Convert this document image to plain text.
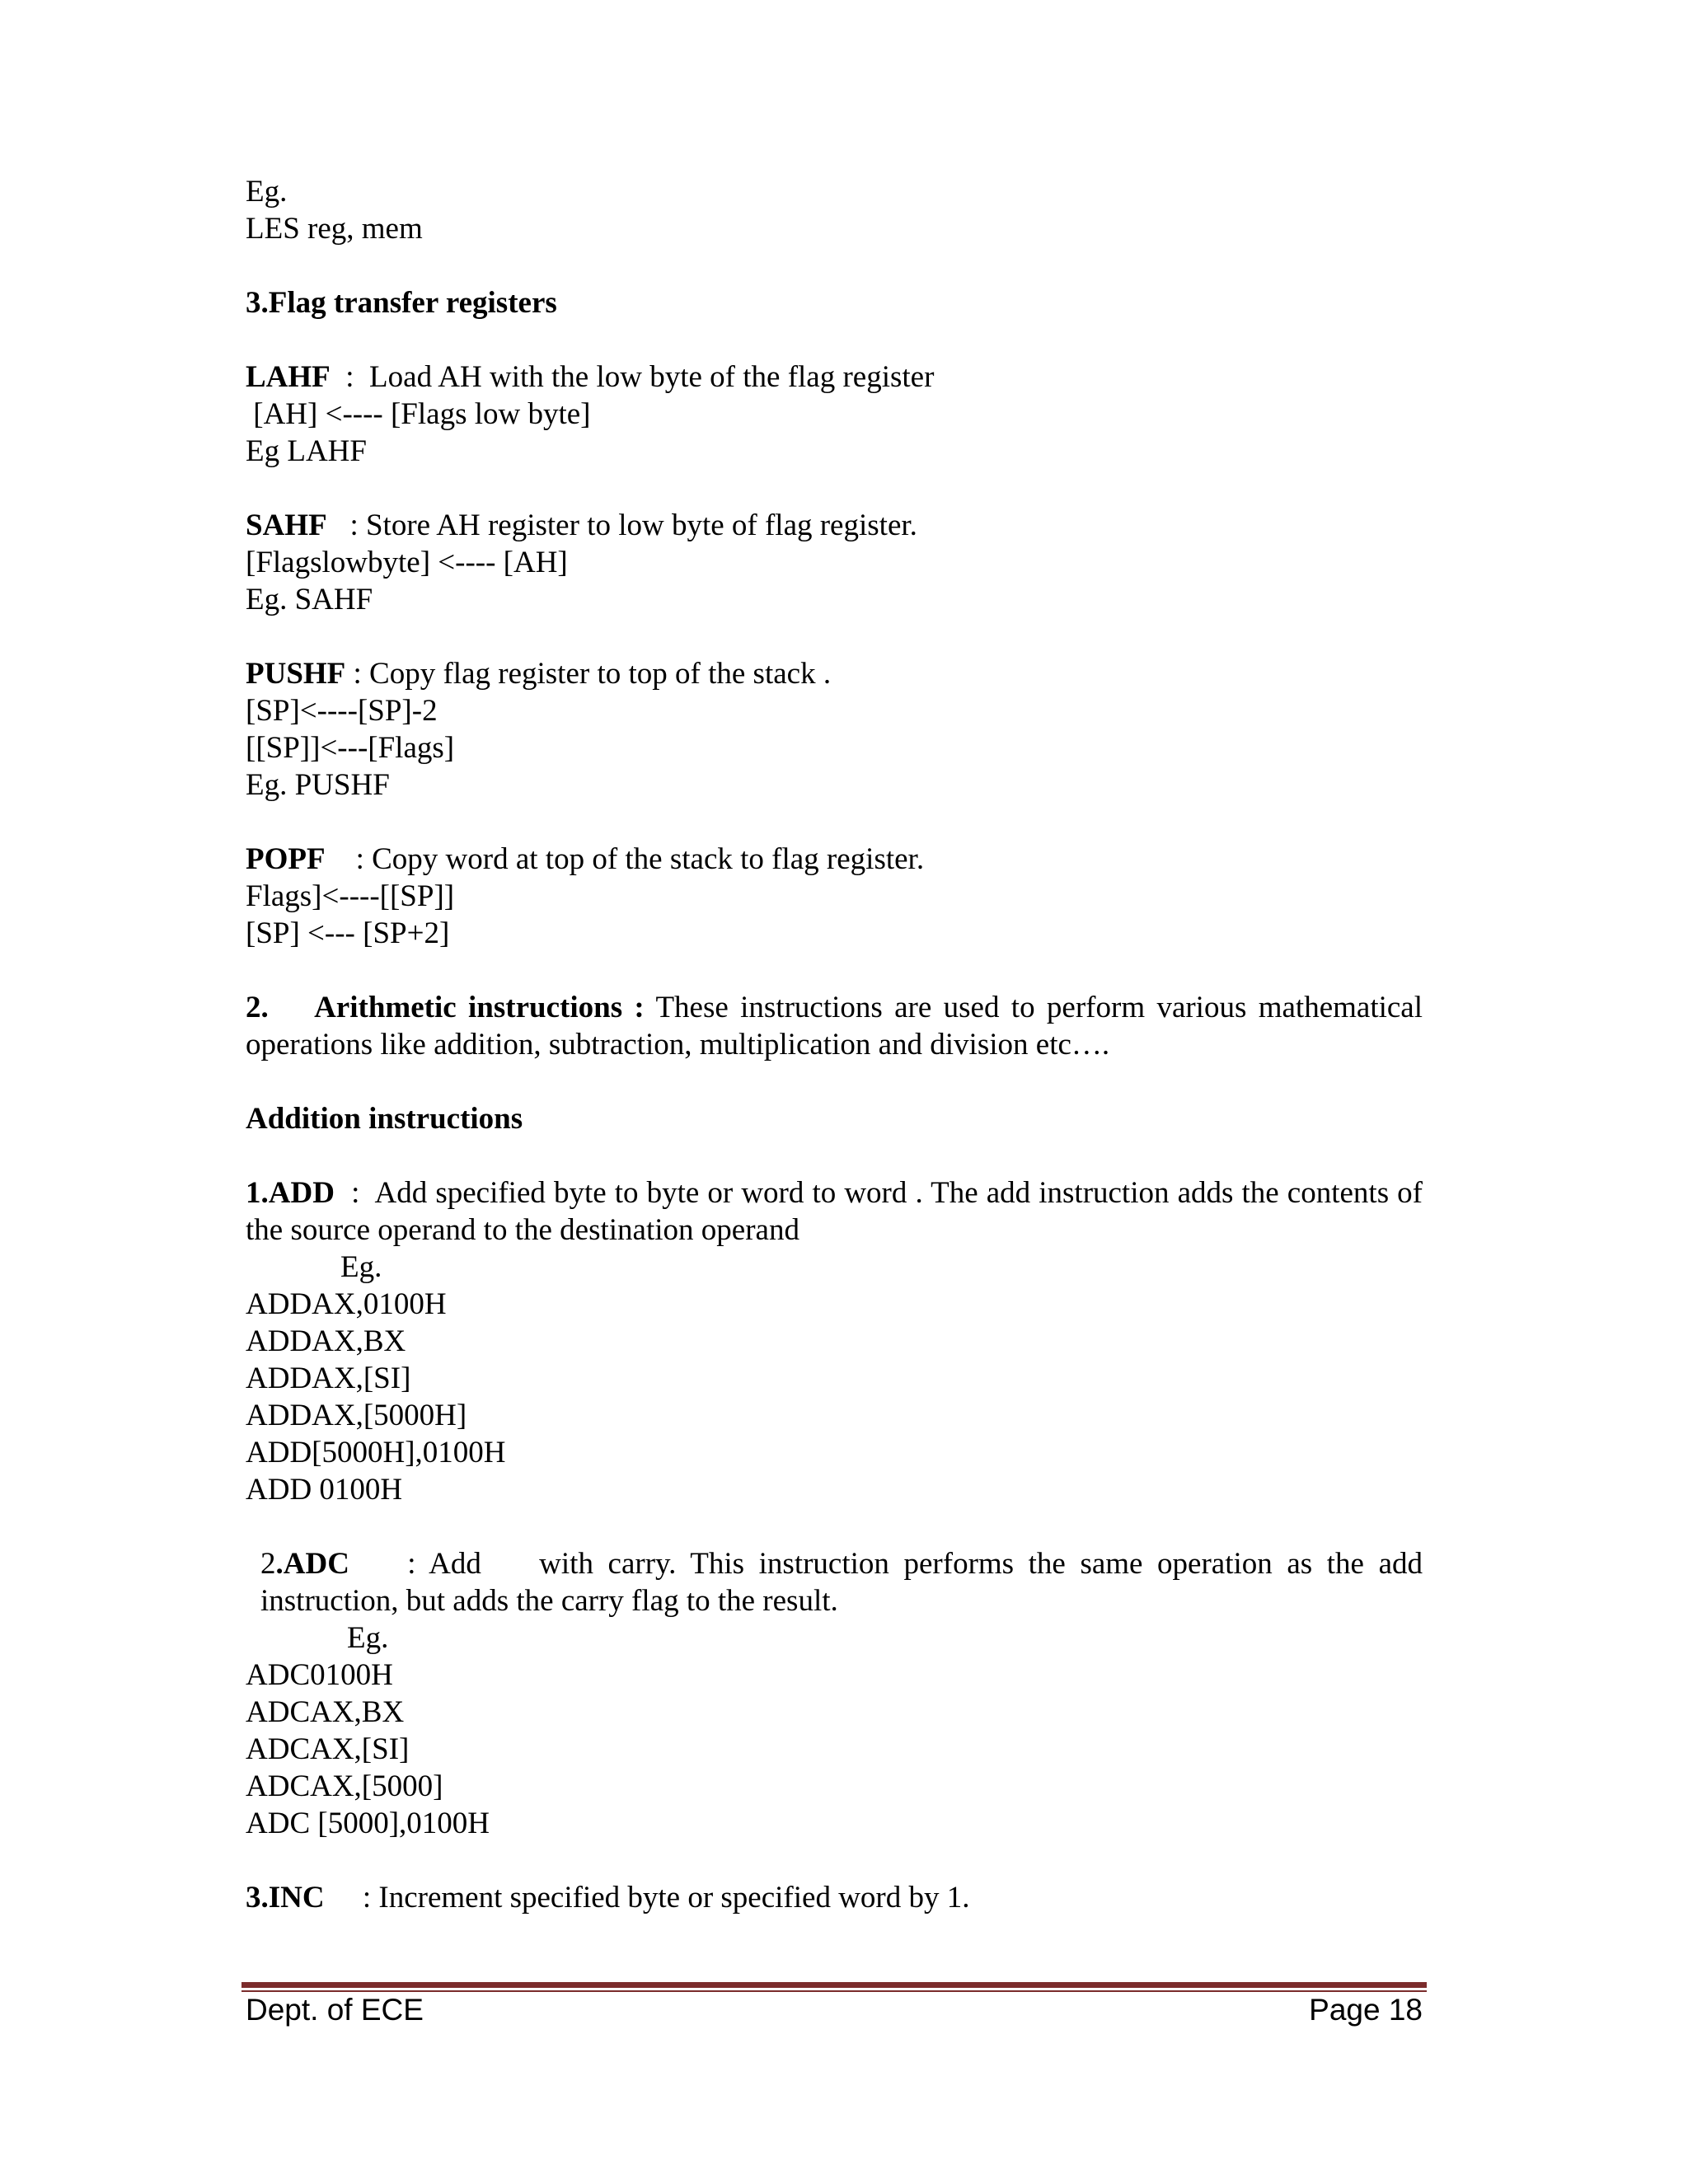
Eg.
LES reg, mem
3.Flag transfer registers
LAHF  :  Load AH with the low byte of the flag register
[AH] <---- [Flags low byte]
Eg LAHF
SAHF   : Store AH register to low byte of flag register.
[Flagslowbyte] <---- [AH]
Eg. SAHF
PUSHF : Copy flag register to top of the stack .
[SP]<----[SP]-2
[[SP]]<---[Flags]
Eg. PUSHF
POPF    : Copy word at top of the stack to flag register.
Flags]<----[[SP]]
[SP] <--- [SP+2]
2.    Arithmetic instructions : These instructions are used to perform various mathematical operations like addition, subtraction, multiplication and division etc….
Addition instructions
1.ADD  :  Add specified byte to byte or word to word . The add instruction adds the contents of the source operand to the destination operand
Eg.
ADDAX,0100H
ADDAX,BX
ADDAX,[SI]
ADDAX,[5000H]
ADD[5000H],0100H
ADD 0100H
2.ADC    : Add    with carry. This instruction performs the same operation as the add instruction, but adds the carry flag to the result.
Eg.
ADC0100H
ADCAX,BX
ADCAX,[SI]
ADCAX,[5000]
ADC [5000],0100H
3.INC     : Increment specified byte or specified word by 1.
Dept. of ECE	Page 18
